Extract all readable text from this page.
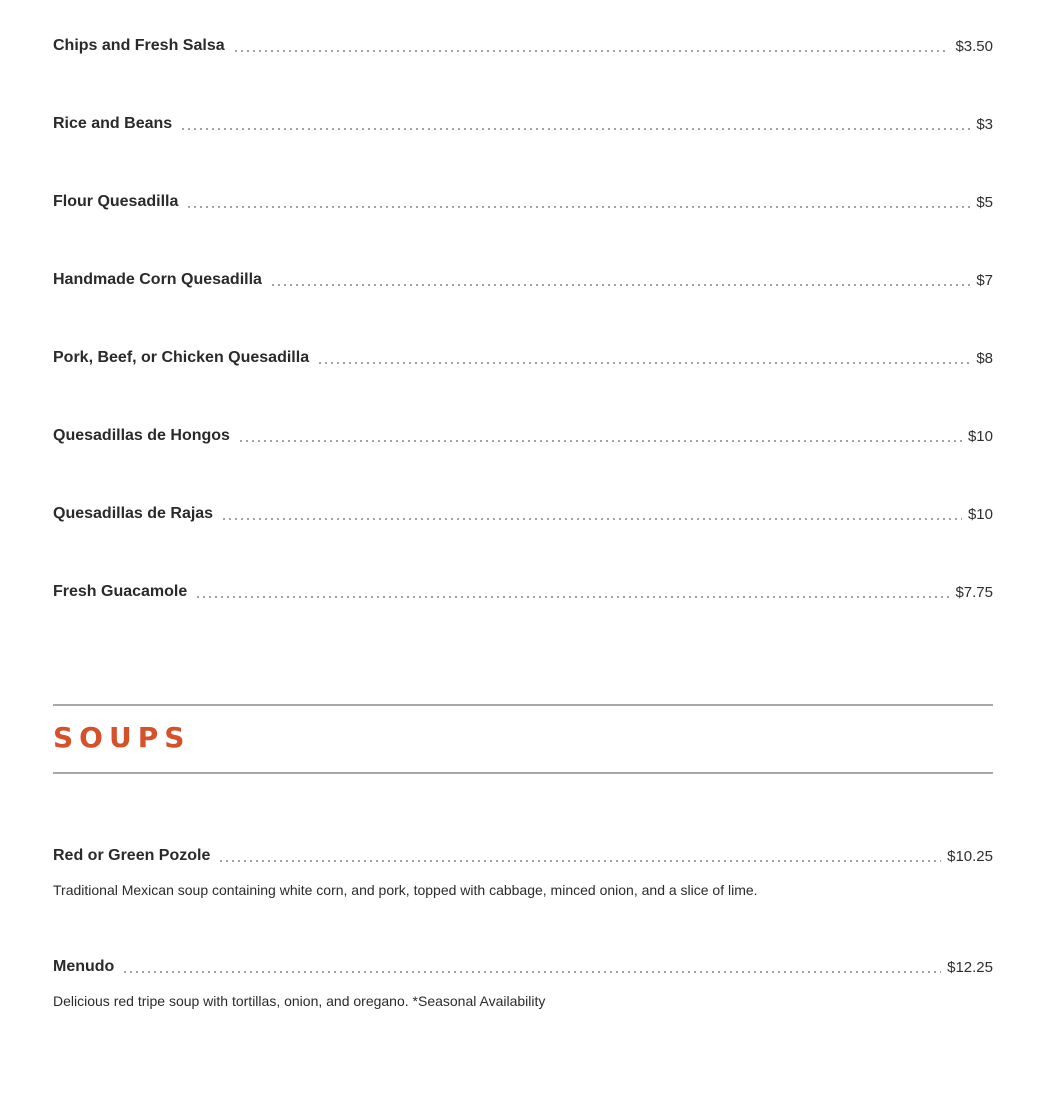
Chips and Fresh Salsa	$3.50
Rice and Beans	$3
Flour Quesadilla	$5
Handmade Corn Quesadilla	$7
Pork, Beef, or Chicken Quesadilla	$8
Quesadillas de Hongos	$10
Quesadillas de Rajas	$10
Fresh Guacamole	$7.75
SOUPS
Red or Green Pozole	$10.25
Traditional Mexican soup containing white corn, and pork, topped with cabbage, minced onion, and a slice of lime.
Menudo	$12.25
Delicious red tripe soup with tortillas, onion, and oregano. *Seasonal Availability
